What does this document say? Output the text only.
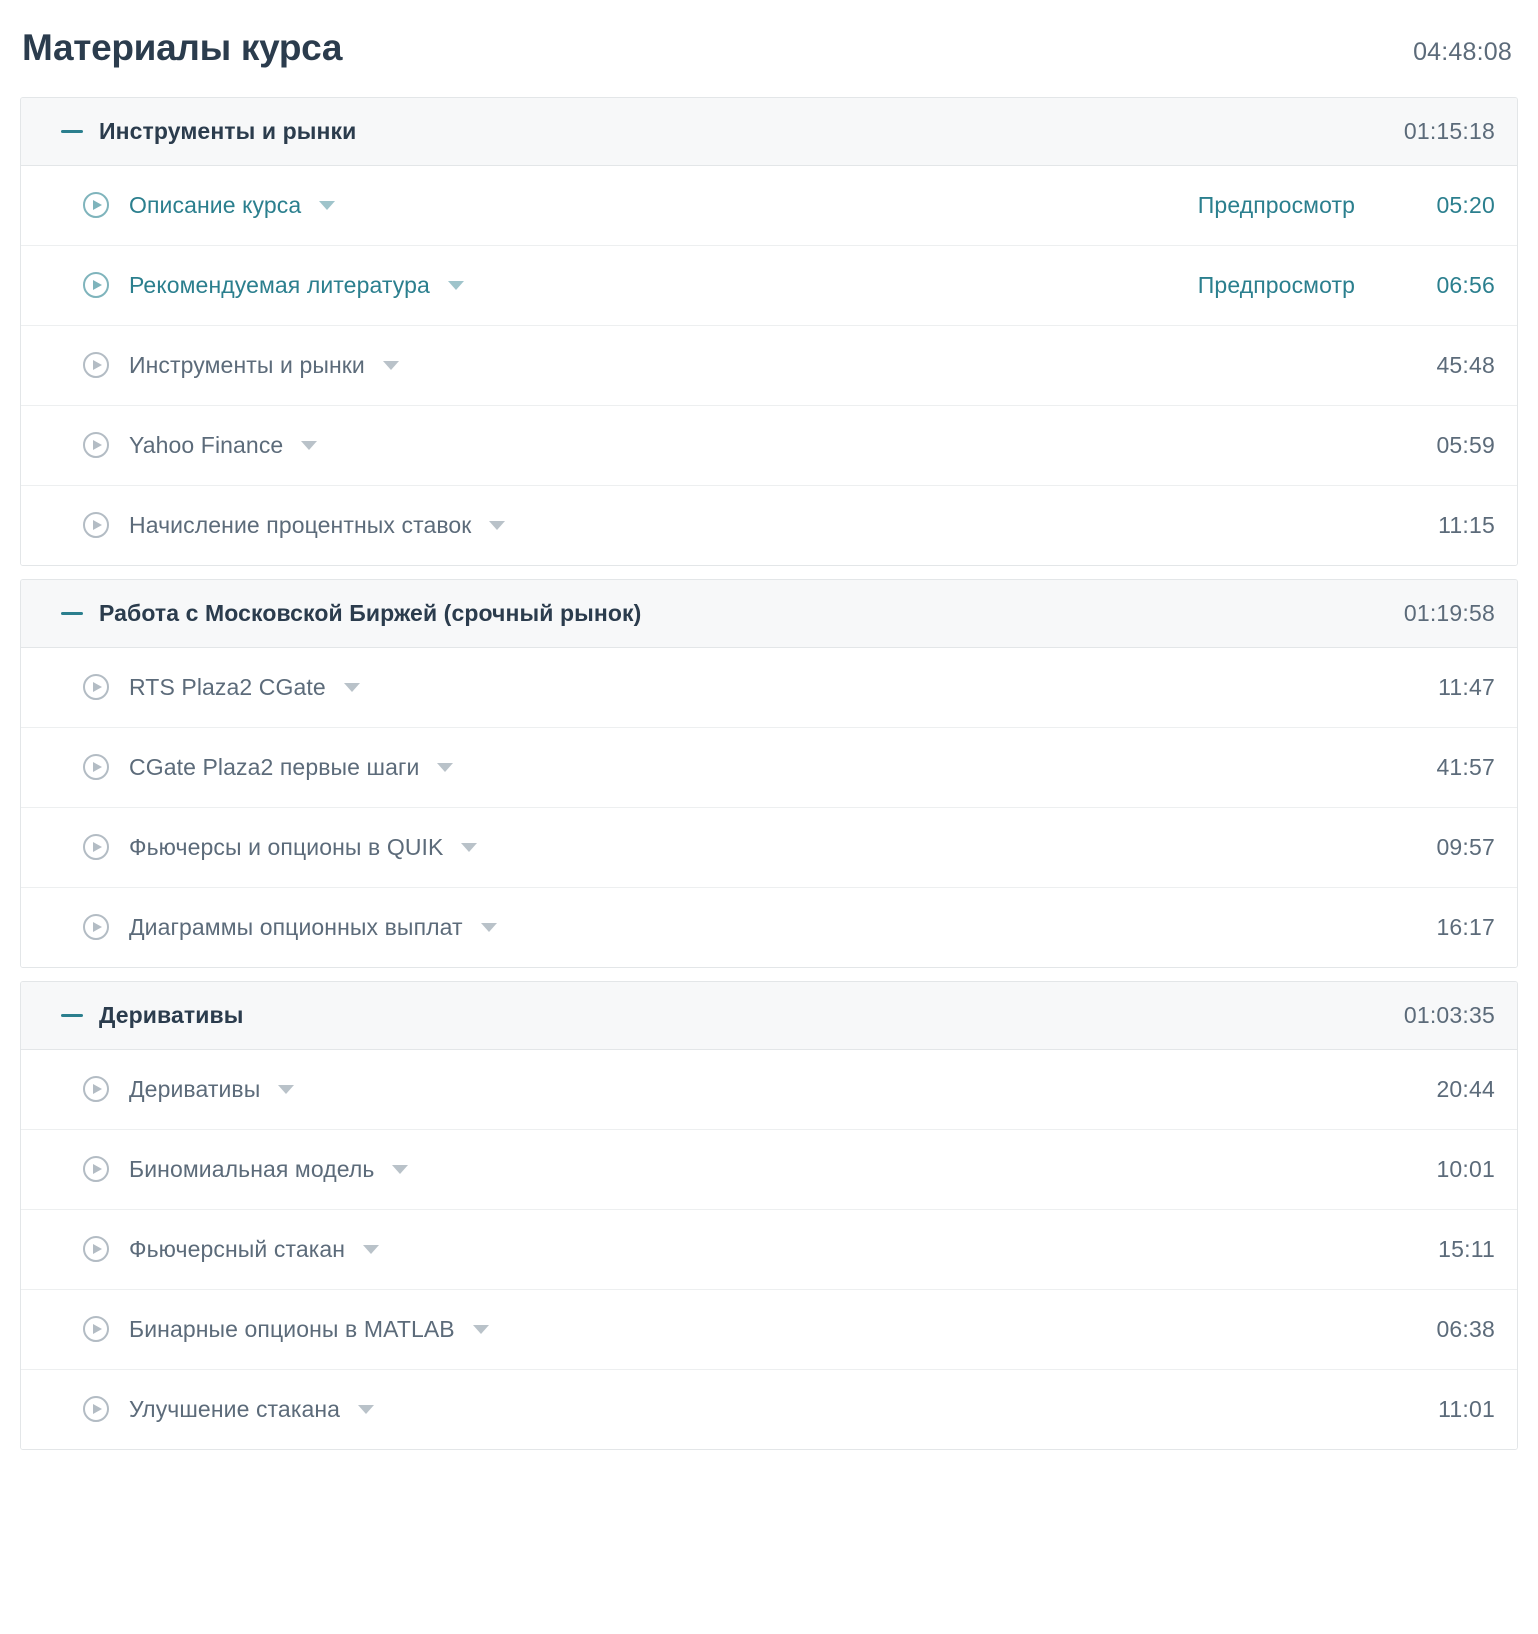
Материалы курса	04:48:08
Инструменты и рынки	01:15:18
Описание курса	Предпросмотр	05:20
Рекомендуемая литература	Предпросмотр	06:56
Инструменты и рынки	45:48
Yahoo Finance	05:59
Начисление процентных ставок	11:15
Работа с Московской Биржей (срочный рынок)	01:19:58
RTS Plaza2 CGate	11:47
CGate Plaza2 первые шаги	41:57
Фьючерсы и опционы в QUIK	09:57
Диаграммы опционных выплат	16:17
Деривативы	01:03:35
Деривативы	20:44
Биномиальная модель	10:01
Фьючерсный стакан	15:11
Бинарные опционы в MATLAB	06:38
Улучшение стакана	11:01
